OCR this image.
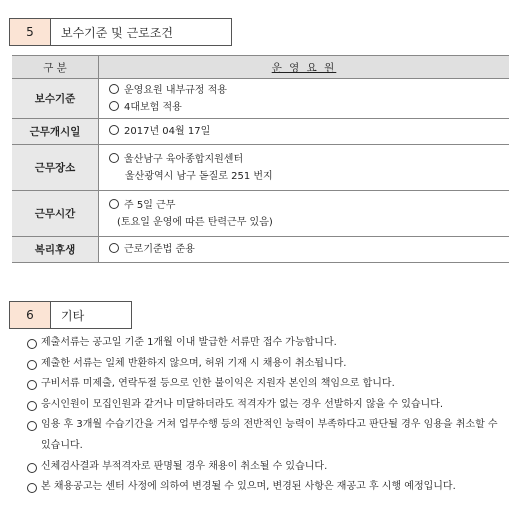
5	보수기준 및 근로조건
구 분	운 영 요 원
보수기준	운영요원 내부규정 적용
4대보험 적용

근무개시일	2017년 04월 17일

근무장소	울산남구 육아종합지원센터
울산광역시 남구 돋질로 251 번지

근무시간	주 5일 근무
(토요일 운영에 따른 탄력근무 있음)

복리후생	근로기준법 준용
6	기타
제출서류는 공고일 기준 1개월 이내 발급한 서류만 접수 가능합니다.
제출한 서류는 일체 반환하지 않으며, 허위 기재 시 채용이 취소됩니다.
구비서류 미제출, 연락두절 등으로 인한 불이익은 지원자 본인의 책임으로 합니다.
응시인원이 모집인원과 같거나 미달하더라도 적격자가 없는 경우 선발하지 않을 수 있습니다.
임용 후 3개월 수습기간을 거쳐 업무수행 등의 전반적인 능력이 부족하다고 판단될 경우 임용을 취소할 수 있습니다.
신체검사결과 부적격자로 판명될 경우 채용이 취소될 수 있습니다.
본 채용공고는 센터 사정에 의하여 변경될 수 있으며, 변경된 사항은 재공고 후 시행 예정입니다.
